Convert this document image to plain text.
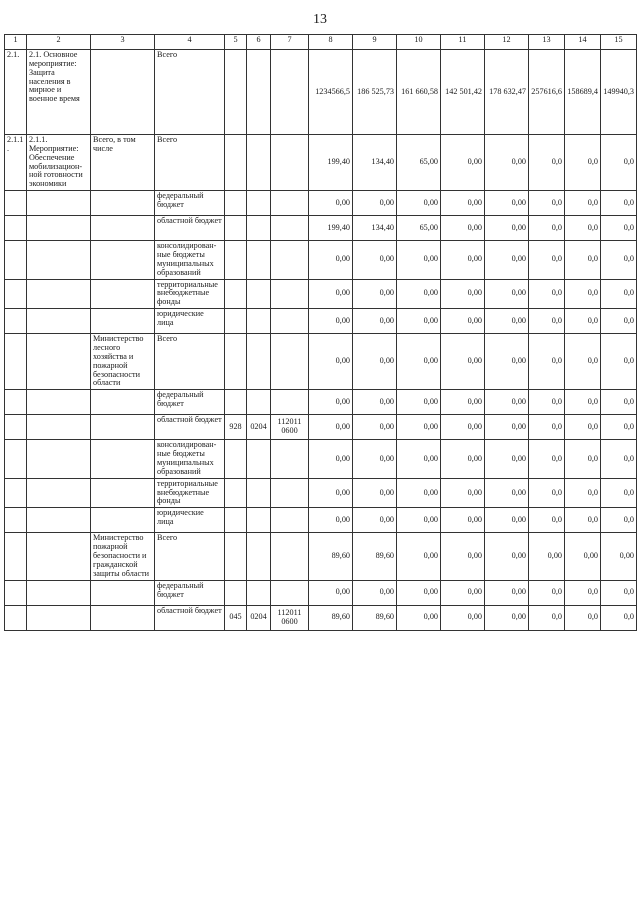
13
1	2	3	4	5	6	7	8	9	10	11	12	13	14	15
2.1.	2.1. Основное мероприятие: Защита населения в мирное и военное время		Всего				1234566,5	186 525,73	161 660,58	142 501,42	178 632,47	257616,6	158689,4	149940,3
2.1.1.	2.1.1. Мероприятие: Обеспечение мобилизацион-ной готовности экономики	Всего, в том числе	Всего				199,40	134,40	65,00	0,00	0,00	0,0	0,0	0,0
			федеральный бюджет				0,00	0,00	0,00	0,00	0,00	0,0	0,0	0,0
			областной бюджет				199,40	134,40	65,00	0,00	0,00	0,0	0,0	0,0
			консолидирован-ные бюджеты муниципальных образований				0,00	0,00	0,00	0,00	0,00	0,0	0,0	0,0
			территориальные внебюджетные фонды				0,00	0,00	0,00	0,00	0,00	0,0	0,0	0,0
			юридические лица				0,00	0,00	0,00	0,00	0,00	0,0	0,0	0,0
		Министерство лесного хозяйства и пожарной безопасности области	Всего				0,00	0,00	0,00	0,00	0,00	0,0	0,0	0,0
			федеральный бюджет				0,00	0,00	0,00	0,00	0,00	0,0	0,0	0,0
			областной бюджет	928	0204	112011 0600	0,00	0,00	0,00	0,00	0,00	0,0	0,0	0,0
			консолидирован-ные бюджеты муниципальных образований				0,00	0,00	0,00	0,00	0,00	0,0	0,0	0,0
			территориальные внебюджетные фонды				0,00	0,00	0,00	0,00	0,00	0,0	0,0	0,0
			юридические лица				0,00	0,00	0,00	0,00	0,00	0,0	0,0	0,0
		Министерство пожарной безопасности и гражданской защиты области	Всего				89,60	89,60	0,00	0,00	0,00	0,00	0,00	0,00
			федеральный бюджет				0,00	0,00	0,00	0,00	0,00	0,0	0,0	0,0
			областной бюджет	045	0204	112011 0600	89,60	89,60	0,00	0,00	0,00	0,0	0,0	0,0
